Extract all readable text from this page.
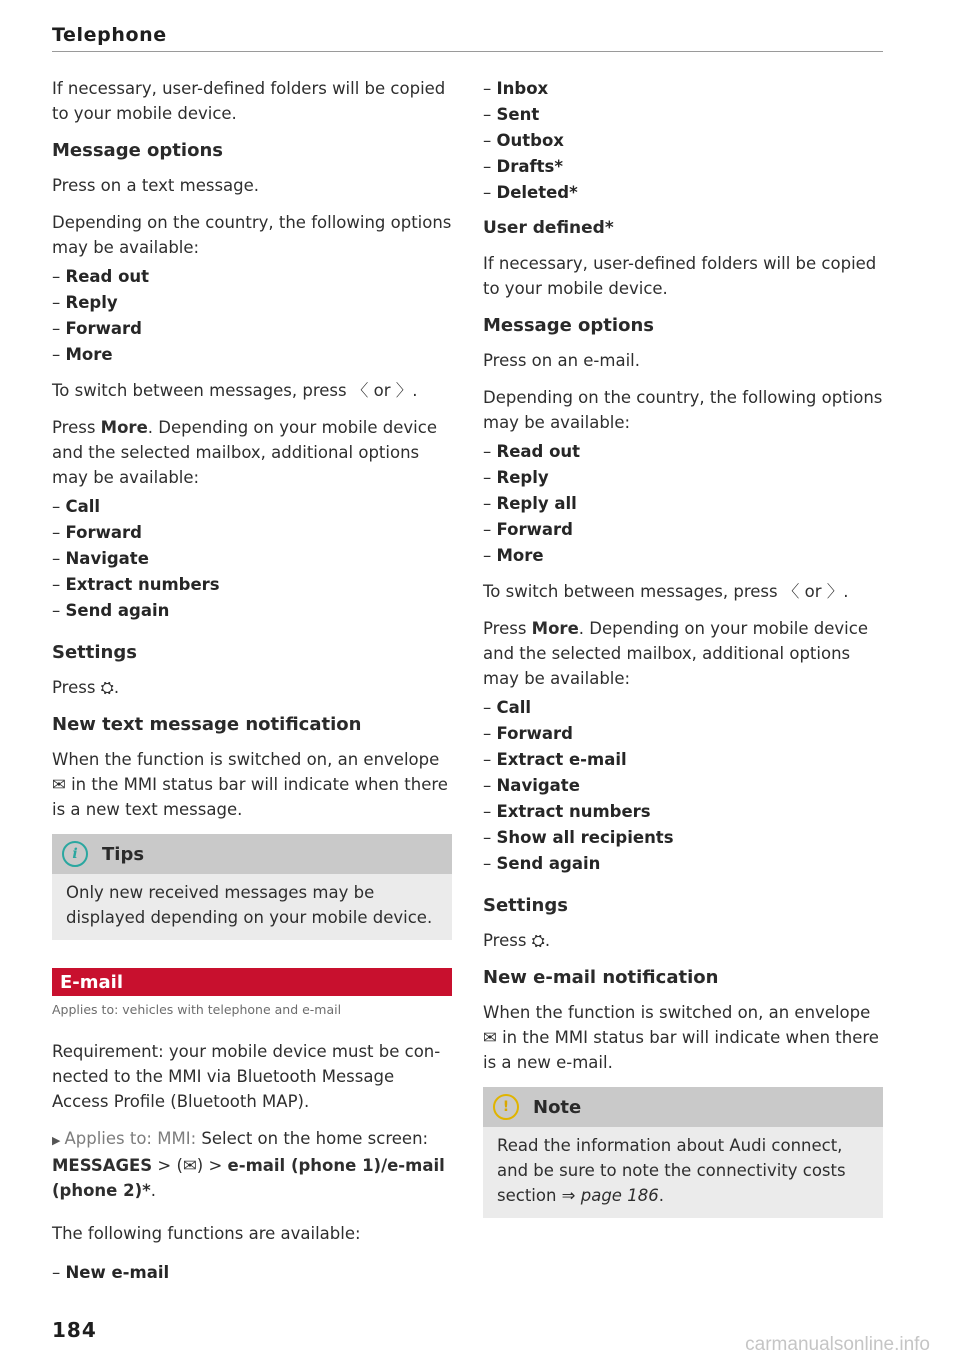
Telephone

If necessary, user-defined folders will be copied to your mobile device.

Message options

Press on a text message.

Depending on the country, the following options may be available:

– Read out
– Reply
– Forward
– More

To switch between messages, press 〈 or 〉.

Press More. Depending on your mobile device and the selected mailbox, additional options may be available:

– Call
– Forward
– Navigate
– Extract numbers
– Send again
Settings

Press ⛭.

New text message notification

When the function is switched on, an envelope ✉ in the MMI status bar will indicate when there is a new text message.

i	Tips
Only new received messages may be displayed depending on your mobile device.
E-mail
Applies to: vehicles with telephone and e-mail

Requirement: your mobile device must be con-nected to the MMI via Bluetooth Message Access Profile (Bluetooth MAP).

▶ Applies to: MMI: Select on the home screen: MESSAGES > (✉) > e-mail (phone 1)/e-mail (phone 2)*.

The following functions are available:

– New e-mail
– Inbox
– Sent
– Outbox
– Drafts*
– Deleted*
User defined*

If necessary, user-defined folders will be copied to your mobile device.

Message options

Press on an e-mail.

Depending on the country, the following options may be available:

– Read out
– Reply
– Reply all
– Forward
– More

To switch between messages, press 〈 or 〉.

Press More. Depending on your mobile device and the selected mailbox, additional options may be available:

– Call
– Forward
– Extract e-mail
– Navigate
– Extract numbers
– Show all recipients
– Send again
Settings

Press ⛭.

New e-mail notification

When the function is switched on, an envelope ✉ in the MMI status bar will indicate when there is a new e-mail.

!	Note
Read the information about Audi connect, and be sure to note the connectivity costs section ⇒ page 186.
184
carmanualsonline.info
